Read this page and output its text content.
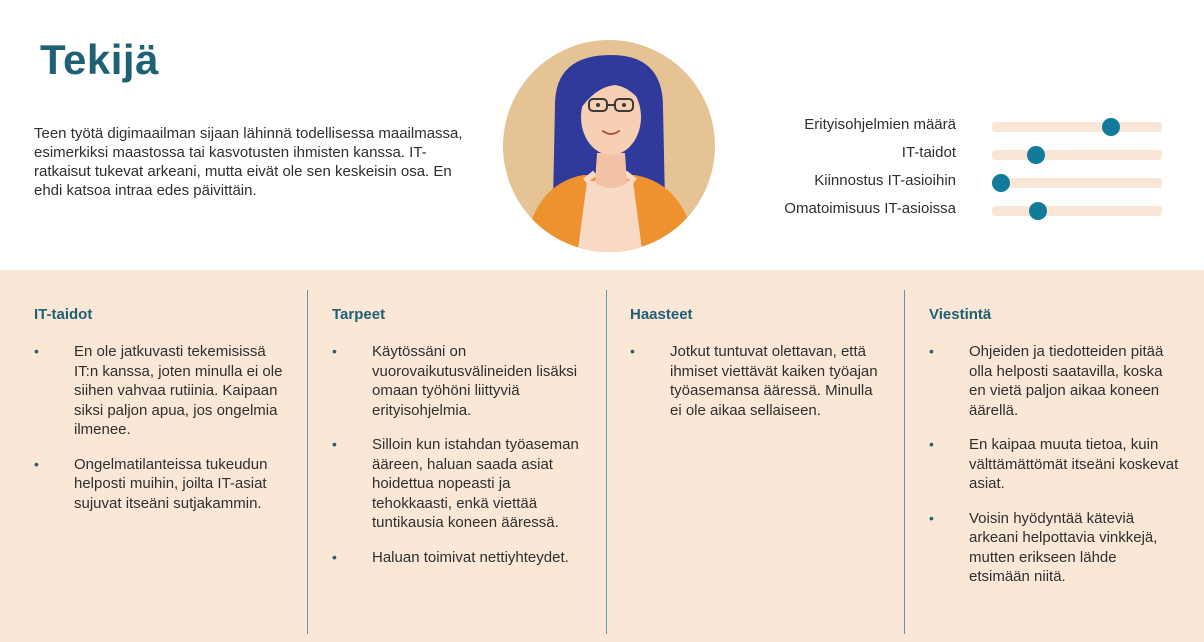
Tekijä

Teen työtä digimaailman sijaan lähinnä todellisessa maailmassa, esimerkiksi maastossa tai kasvotusten ihmisten kanssa. IT-ratkaisut tukevat arkeani, mutta eivät ole sen keskeisin osa. En ehdi katsoa intraa edes päivittäin.

Erityisohjelmien määrä
IT-taidot
Kiinnostus IT-asioihin
Omatoimisuus IT-asioissa
IT-taidot
• En ole jatkuvasti tekemisissä IT:n kanssa, joten minulla ei ole siihen vahvaa rutiinia. Kaipaan siksi paljon apua, jos ongelmia ilmenee.
• Ongelmatilanteissa tukeudun helposti muihin, joilta IT-asiat sujuvat itseäni sutjakammin.
Tarpeet
• Käytössäni on vuorovaikutusvälineiden lisäksi omaan työhöni liittyviä erityisohjelmia.
• Silloin kun istahdan työaseman ääreen, haluan saada asiat hoidettua nopeasti ja tehokkaasti, enkä viettää tuntikausia koneen ääressä.
• Haluan toimivat nettiyhteydet.
Haasteet
• Jotkut tuntuvat olettavan, että ihmiset viettävät kaiken työajan työasemansa ääressä. Minulla ei ole aikaa sellaiseen.
Viestintä
• Ohjeiden ja tiedotteiden pitää olla helposti saatavilla, koska en vietä paljon aikaa koneen äärellä.
• En kaipaa muuta tietoa, kuin välttämättömät itseäni koskevat asiat.
• Voisin hyödyntää käteviä arkeani helpottavia vinkkejä, mutten erikseen lähde etsimään niitä.
